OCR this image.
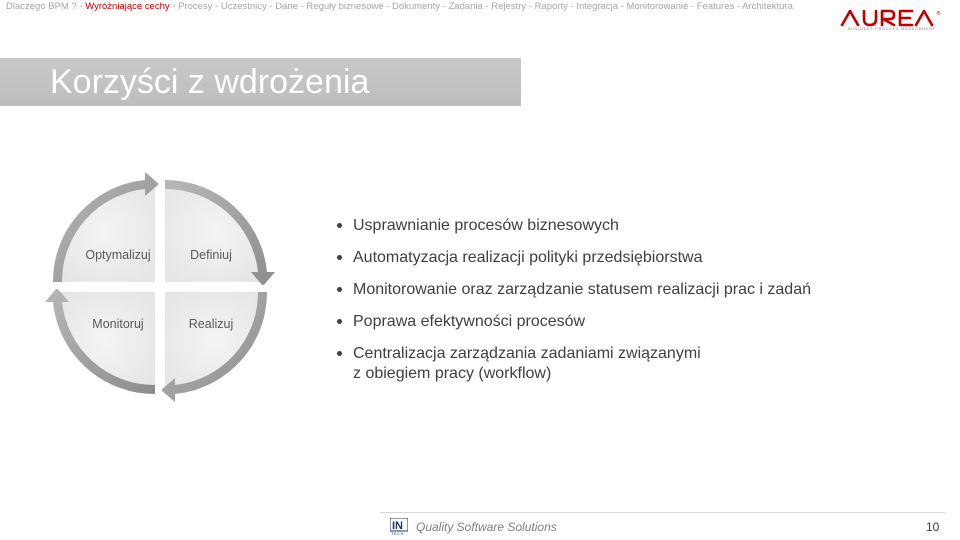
Dlaczego BPM ? - Wyróżniające cechy - Procesy - Uczestnicy - Dane - Reguły biznesowe - Dokumenty - Zadania - Rejestry - Raporty - Integracja - Monitorowanie - Features - Architektura
®
BUSINESS PROCESS MANAGEMENT
Korzyści z wdrożenia
Optymalizuj	Definiuj
Monitoruj	Realizuj
Usprawnianie procesów biznesowych
Automatyzacja realizacji polityki przedsiębiorstwa
Monitorowanie oraz zarządzanie statusem realizacji prac i zadań
Poprawa efektywności procesów
Centralizacja zarządzania zadaniami związanymi
z obiegiem pracy (workflow)
IN
TECH Quality Software Solutions	10
